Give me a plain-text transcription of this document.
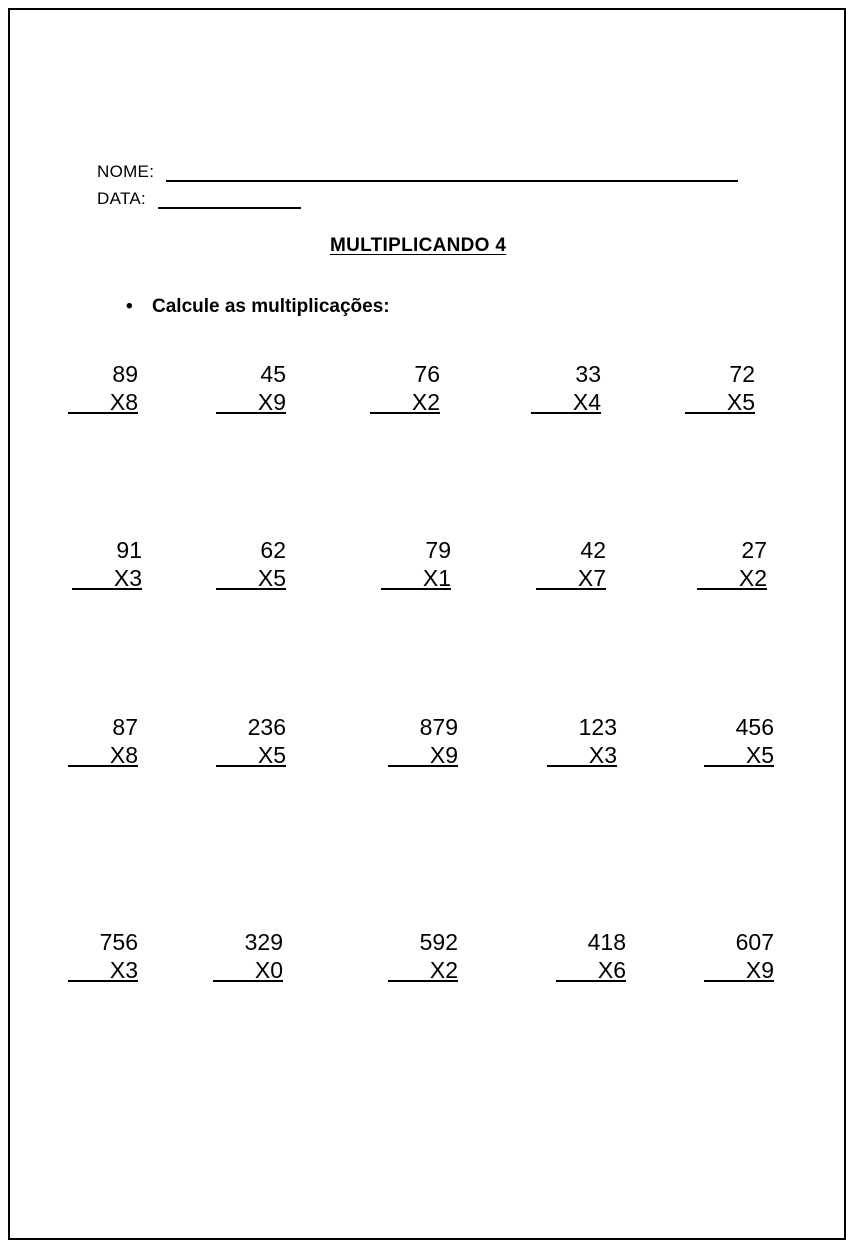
NOME:
DATA:
MULTIPLICANDO 4
• Calcule as multiplicações:
89
X8
45
X9
76
X2
33
X4
72
X5
91
X3
62
X5
79
X1
42
X7
27
X2
87
X8
236
X5
879
X9
123
X3
456
X5
756
X3
329
X0
592
X2
418
X6
607
X9
